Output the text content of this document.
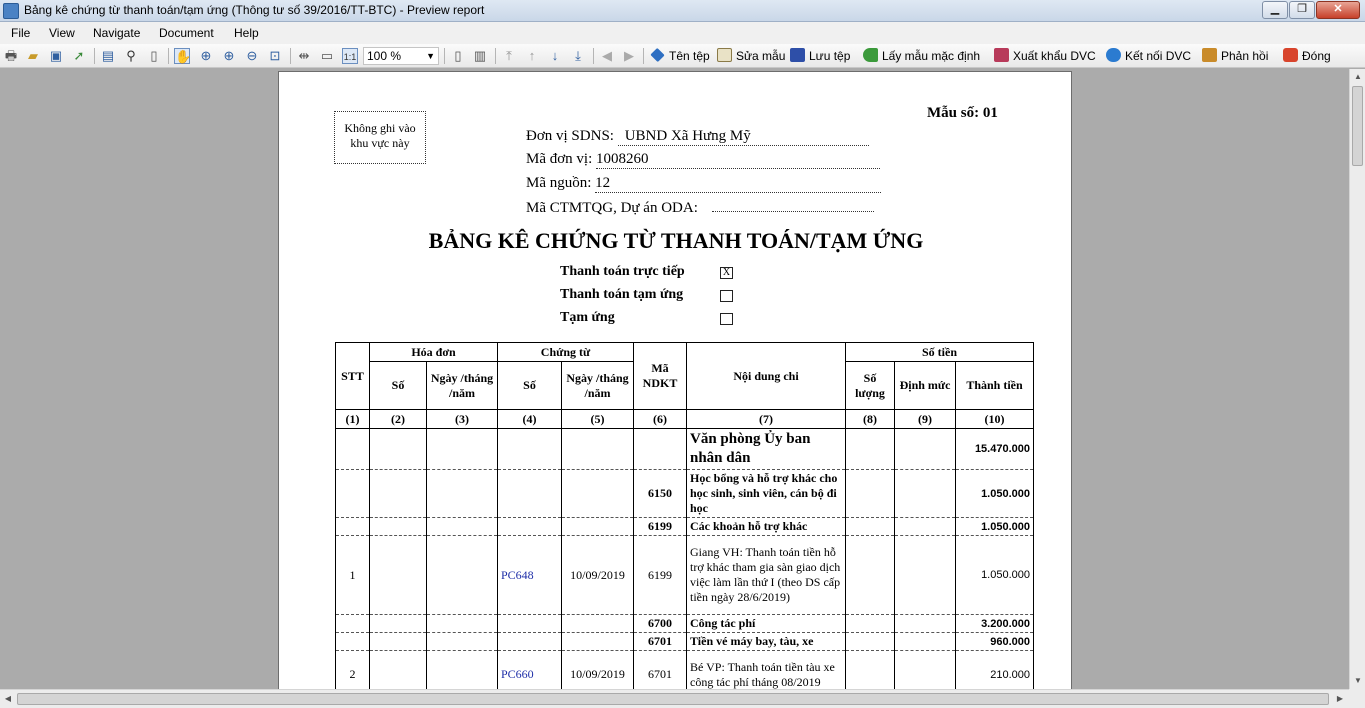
Bảng kê chứng từ thanh toán/tạm ứng (Thông tư số 39/2016/TT-BTC) - Preview report	▁	❐	✕
File View Navigate Document Help
🖶 ▰ ▣ ➚ ▤ ⚲	▯	✋ ⊕ ⊕ ⊖ ⊡ ⇹ ▭ 1:1 100 %	▼	▯ ▥	⤒	↑	↓	⤓	◀ ▶	Tên tệp	Sửa mẫu	Lưu tệp	Lấy mẫu mặc định	Xuất khẩu DVC	Kết nối DVC	Phản hồi	Đóng
Không ghi vào khu vực này
Mẫu số: 01
Đơn vị SDNS: UBND Xã Hưng Mỹ
Mã đơn vị: 1008260
Mã nguồn: 12
Mã CTMTQG, Dự án ODA:
BẢNG KÊ CHỨNG TỪ THANH TOÁN/TẠM ỨNG
Thanh toán trực tiếp	X
Thanh toán tạm ứng
Tạm ứng
STT	Hóa đơn		Chứng từ		Mã NDKT	Nội dung chi	Số tiền		
	Số	Ngày /tháng /năm	Số	Ngày /tháng /năm			Số lượng	Định mức	Thành tiền
(1)	(2)	(3)	(4)	(5)	(6)	(7)	(8)	(9)	(10)
						Văn phòng Ủy ban nhân dân			15.470.000
					6150	Học bổng và hỗ trợ khác cho học sinh, sinh viên, cán bộ đi học			1.050.000
					6199	Các khoản hỗ trợ khác			1.050.000
1			PC648	10/09/2019	6199	Giang VH: Thanh toán tiền hỗ trợ khác tham gia sàn giao dịch việc làm lần thứ I (theo DS cấp tiền ngày 28/6/2019)			1.050.000
					6700	Công tác phí			3.200.000
					6701	Tiền vé máy bay, tàu, xe			960.000
2			PC660	10/09/2019	6701	Bé VP: Thanh toán tiền tàu xe công tác phí tháng 08/2019			210.000
▲
▼
◀	▶
